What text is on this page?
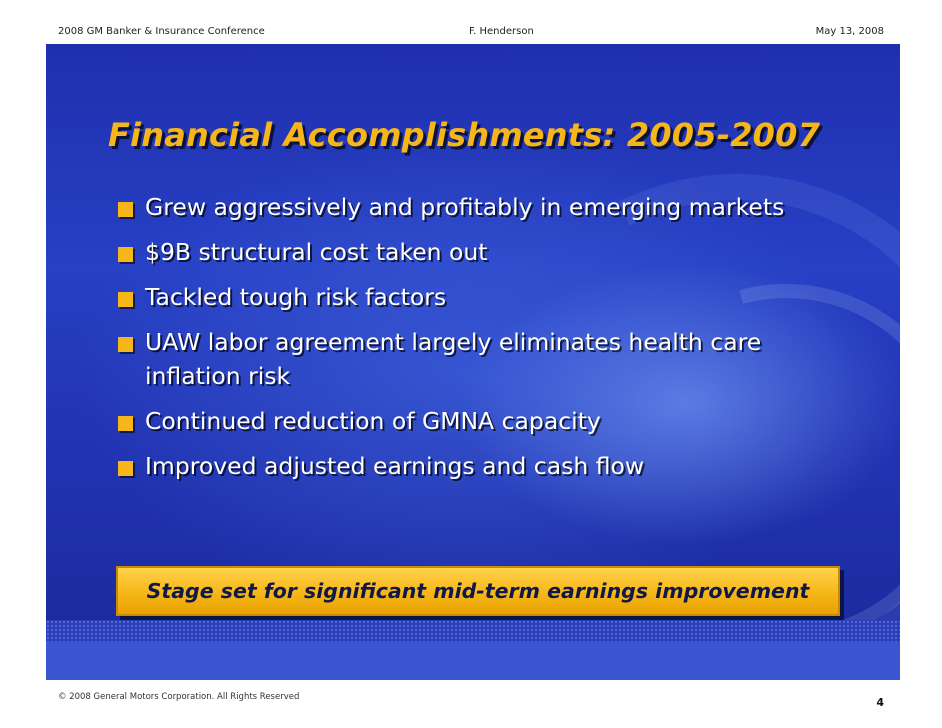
2008 GM Banker & Insurance Conference	F. Henderson	May 13, 2008
Financial Accomplishments: 2005-2007
Grew aggressively and profitably in emerging markets
$9B structural cost taken out
Tackled tough risk factors
UAW labor agreement largely eliminates health care inflation risk
Continued reduction of GMNA capacity
Improved adjusted earnings and cash flow
Stage set for significant mid-term earnings improvement
© 2008 General Motors Corporation. All Rights Reserved	4
